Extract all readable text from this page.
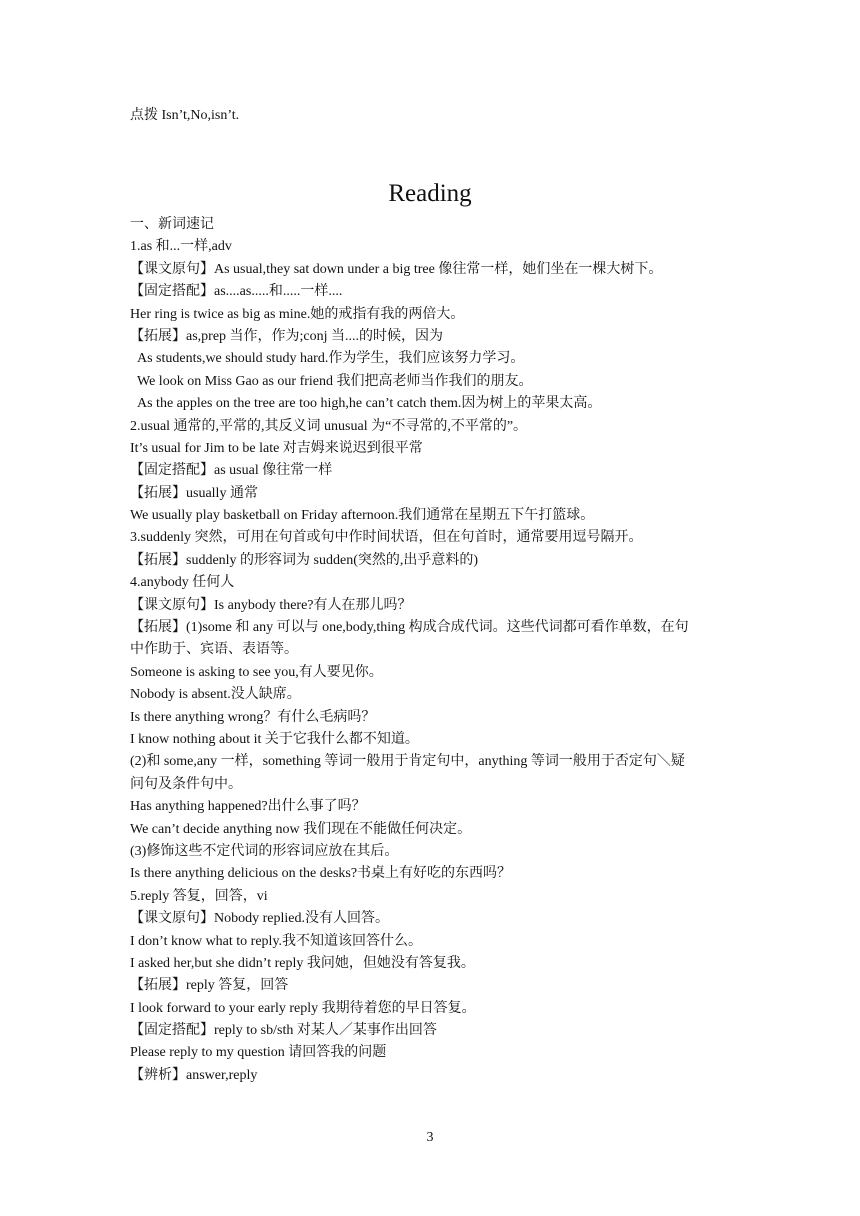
点拨 Isn’t,No,isn’t.
Reading
一、新词速记
1.as 和...一样,adv
【课文原句】As usual,they sat down under a big tree 像往常一样，她们坐在一棵大树下。
【固定搭配】as....as.....和.....一样....
Her ring is twice as big as mine.她的戒指有我的两倍大。
【拓展】as,prep 当作，作为;conj 当....的时候，因为
As students,we should study hard.作为学生，我们应该努力学习。
We look on Miss Gao as our friend 我们把高老师当作我们的朋友。
As the apples on the tree are too high,he can’t catch them.因为树上的苹果太高。
2.usual 通常的,平常的,其反义词 unusual 为“不寻常的,不平常的”。
It’s usual for Jim to be late 对吉姆来说迟到很平常
【固定搭配】as usual 像往常一样
【拓展】usually 通常
We usually play basketball on Friday afternoon.我们通常在星期五下午打篮球。
3.suddenly 突然，可用在句首或句中作时间状语，但在句首时，通常要用逗号隔开。
【拓展】suddenly 的形容词为 sudden(突然的,出乎意料的)
4.anybody 任何人
【课文原句】Is anybody there?有人在那儿吗？
【拓展】(1)some 和 any 可以与 one,body,thing 构成合成代词。这些代词都可看作单数，在句
中作助于、宾语、表语等。
Someone is asking to see you,有人要见你。
Nobody is absent.没人缺席。
Is there anything wrong？有什么毛病吗？
I know nothing about it 关于它我什么都不知道。
(2)和 some,any 一样，something 等词一般用于肯定句中，anything 等词一般用于否定句＼疑
问句及条件句中。
Has anything happened?出什么事了吗？
We can’t decide anything now 我们现在不能做任何决定。
(3)修饰这些不定代词的形容词应放在其后。
Is there anything delicious on the desks?书桌上有好吃的东西吗？
5.reply 答复，回答，vi
【课文原句】Nobody replied.没有人回答。
I don’t know what to reply.我不知道该回答什么。
I asked her,but she didn’t reply 我问她，但她没有答复我。
【拓展】reply 答复，回答
I look forward to your early reply 我期待着您的早日答复。
【固定搭配】reply to sb/sth 对某人／某事作出回答
Please reply to my question 请回答我的问题
【辨析】answer,reply
3
